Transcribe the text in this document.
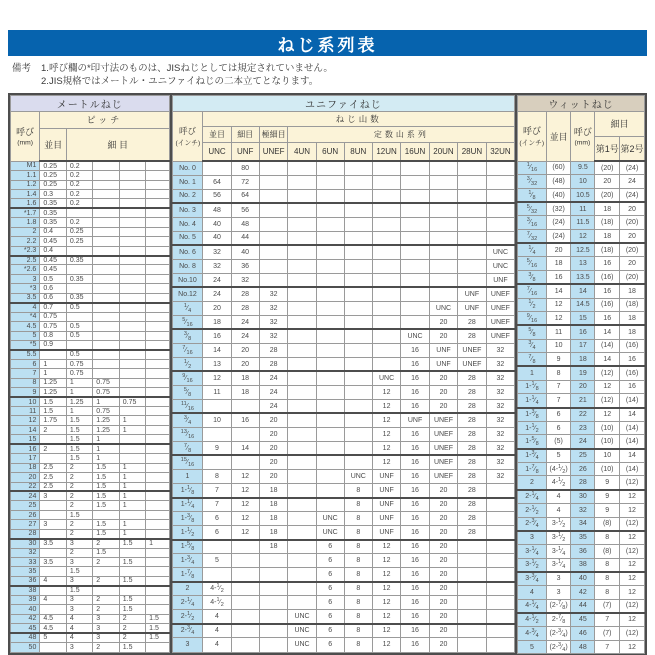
ねじ系列表
備考 1.呼び欄の*印寸法のものは、JISねじとしては規定されていません。
2.JIS規格ではメートル・ユニファイねじの二本立てとなります。
メートルねじ					
呼び
(mm)	ピッチ				
	並目	細 目			
M1	0.25	0.2			
1.1	0.25	0.2			
1.2	0.25	0.2			
1.4	0.3	0.2			
1.6	0.35	0.2			
*1.7	0.35				
1.8	0.35	0.2			
2	0.4	0.25			
2.2	0.45	0.25			
*2.3	0.4				
2.5	0.45	0.35			
*2.6	0.45				
3	0.5	0.35			
*3	0.6				
3.5	0.6	0.35			
4	0.7	0.5			
*4	0.75				
4.5	0.75	0.5			
5	0.8	0.5			
*5	0.9				
5.5		0.5			
6	1	0.75			
7	1	0.75			
8	1.25	1	0.75		
9	1.25	1	0.75		
10	1.5	1.25	1	0.75	
11	1.5	1	0.75		
12	1.75	1.5	1.25	1	
14	2	1.5	1.25	1	
15		1.5	1		
16	2	1.5	1		
17		1.5	1		
18	2.5	2	1.5	1	
20	2.5	2	1.5	1	
22	2.5	2	1.5	1	
24	3	2	1.5	1	
25		2	1.5	1	
26		1.5			
27	3	2	1.5	1	
28		2	1.5	1	
30	3.5	3	2	1.5	1
32		2	1.5		
33	3.5	3	2	1.5	
35		1.5			
36	4	3	2	1.5	
38		1.5			
39	4	3	2	1.5	
40		3	2	1.5	
42	4.5	4	3	2	1.5
45	4.5	4	3	2	1.5
48	5	4	3	2	1.5
50		3	2	1.5	
ユニファイねじ											
呼び
(インチ)	ねじ山数										
	並目	細目	極細目	定数山系列							
	UNC	UNF	UNEF	4UN	6UN	8UN	12UN	16UN	20UN	28UN	32UN
No. 0		80									
No. 1	64	72									
No. 2	56	64									
No. 3	48	56									
No. 4	40	48									
No. 5	40	44									
No. 6	32	40									UNC
No. 8	32	36									UNC
No.10	24	32									UNF
No.12	24	28	32							UNF	UNEF
$^1⁄_4$	20	28	32						UNC	UNF	UNEF
$^5⁄_{16}$	18	24	32						20	28	UNEF
$^3⁄_8$	16	24	32					UNC	20	28	UNEF
$^7⁄_{16}$	14	20	28					16	UNF	UNEF	32
$^1⁄_2$	13	20	28					16	UNF	UNEF	32
$^9⁄_{16}$	12	18	24				UNC	16	20	28	32
$^5⁄_8$	11	18	24				12	16	20	28	32
$^{11}⁄_{16}$			24				12	16	20	28	32
$^3⁄_4$	10	16	20				12	UNF	UNEF	28	32
$^{13}⁄_{16}$			20				12	16	UNEF	28	32
$^7⁄_8$	9	14	20				12	16	UNEF	28	32
$^{15}⁄_{16}$			20				12	16	UNEF	28	32
1	8	12	20			UNC	UNF	16	UNEF	28	32
$1-^1⁄_8$	7	12	18			8	UNF	16	20	28	
$1-^1⁄_4$	7	12	18			8	UNF	16	20	28	
$1-^3⁄_8$	6	12	18		UNC	8	UNF	16	20	28	
$1-^1⁄_2$	6	12	18		UNC	8	UNF	16	20	28	
$1-^5⁄_8$			18		6	8	12	16	20		
$1-^3⁄_4$	5				6	8	12	16	20		
$1-^7⁄_8$					6	8	12	16	20		
2	$4-^1⁄_2$				6	8	12	16	20		
$2-^1⁄_4$	$4-^1⁄_2$				6	8	12	16	20		
$2-^1⁄_2$	4			UNC	6	8	12	16	20		
$2-^3⁄_4$	4			UNC	6	8	12	16	20		
3	4			UNC	6	8	12	16	20		
ウィットねじ				
呼び
(インチ)	並目	呼び
(mm)	細目	
			第1号	第2号
$^1⁄_{16}$	(60)	9.5	(20)	(24)
$^3⁄_{32}$	(48)	10	20	24
$^1⁄_8$	(40)	10.5	(20)	(24)
$^5⁄_{32}$	(32)	11	18	20
$^3⁄_{16}$	(24)	11.5	(18)	(20)
$^7⁄_{32}$	(24)	12	18	20
$^1⁄_4$	20	12.5	(18)	(20)
$^5⁄_{16}$	18	13	16	20
$^3⁄_8$	16	13.5	(16)	(20)
$^7⁄_{16}$	14	14	16	18
$^1⁄_2$	12	14.5	(16)	(18)
$^9⁄_{16}$	12	15	16	18
$^5⁄_8$	11	16	14	18
$^3⁄_4$	10	17	(14)	(16)
$^7⁄_8$	9	18	14	16
1	8	19	(12)	(16)
$1-^1⁄_8$	7	20	12	16
$1-^1⁄_4$	7	21	(12)	(14)
$1-^3⁄_8$	6	22	12	14
$1-^1⁄_2$	6	23	(10)	(14)
$1-^5⁄_8$	(5)	24	(10)	(14)
$1-^3⁄_4$	5	25	10	14
$1-^7⁄_8$	$(4-^1⁄_2)$	26	(10)	(14)
2	$4-^1⁄_2$	28	9	(12)
$2-^1⁄_4$	4	30	9	12
$2-^1⁄_2$	4	32	9	12
$2-^3⁄_4$	$3-^1⁄_2$	34	(8)	(12)
3	$3-^1⁄_2$	35	8	12
$3-^1⁄_4$	$3-^1⁄_4$	36	(8)	(12)
$3-^1⁄_2$	$3-^1⁄_4$	38	8	12
$3-^3⁄_4$	3	40	8	12
4	3	42	8	12
$4-^1⁄_4$	$(2-^7⁄_8)$	44	(7)	(12)
$4-^1⁄_2$	$2-^7⁄_8$	45	7	12
$4-^3⁄_4$	$(2-^3⁄_4)$	46	(7)	(12)
5	$(2-^3⁄_4)$	48	7	12
